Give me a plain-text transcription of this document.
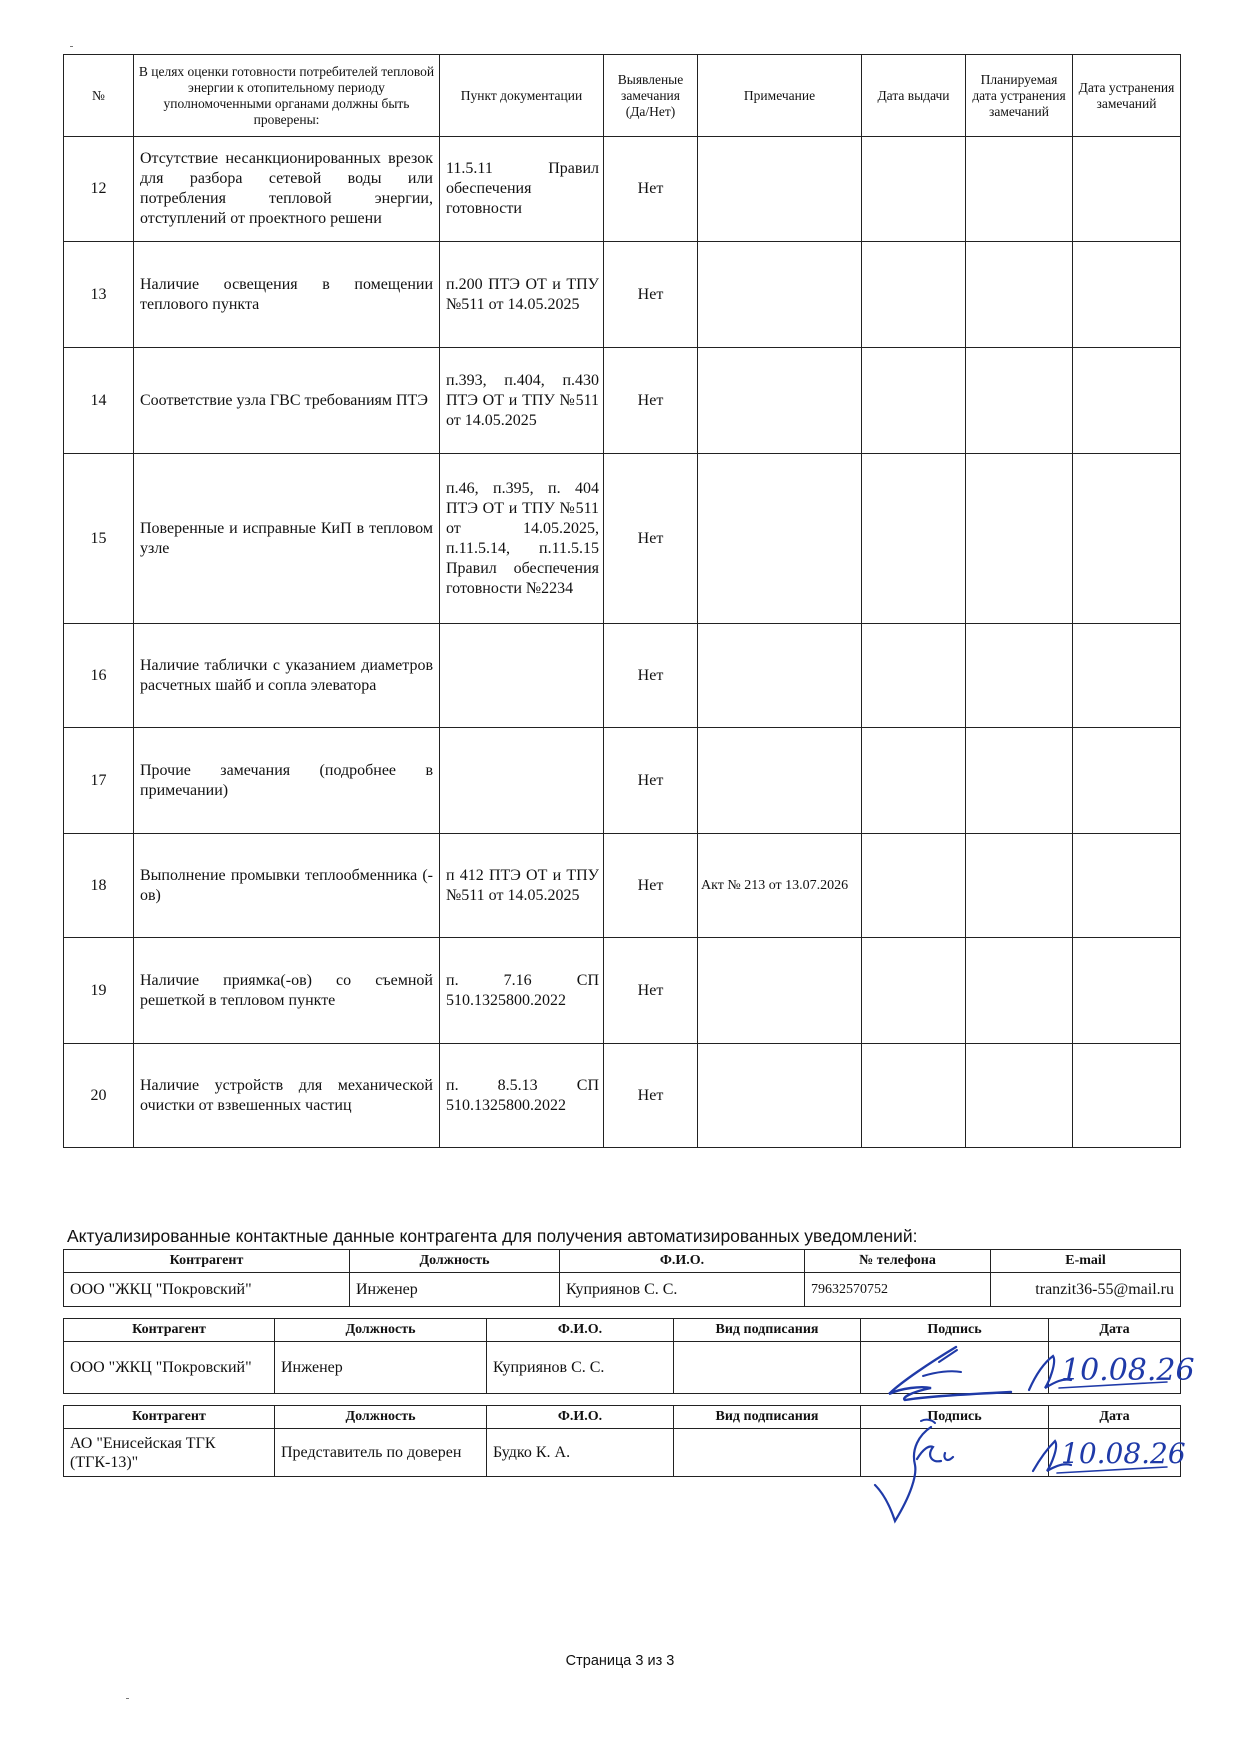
№	В целях оценки готовности потребителей тепловой энергии к отопительному периоду уполномоченными органами должны быть проверены:	Пункт документации	Выявленые замечания (Да/Нет)	Примечание	Дата выдачи	Планируемая дата устранения замечаний	Дата устранения замечаний
12	Отсутствие несанкционированных врезок для разбора сетевой воды или потребления тепловой энергии, отступлений от проектного решени	11.5.11 Правил обеспечения готовности	Нет				
13	Наличие освещения в помещении теплового пункта	п.200 ПТЭ ОТ и ТПУ №511 от 14.05.2025	Нет				
14	Соответствие узла ГВС требованиям ПТЭ	п.393, п.404, п.430 ПТЭ ОТ и ТПУ №511 от 14.05.2025	Нет				
15	Поверенные и исправные КиП в тепловом узле	п.46, п.395, п. 404 ПТЭ ОТ и ТПУ №511 от 14.05.2025, п.11.5.14, п.11.5.15 Правил обеспечения готовности №2234	Нет				
16	Наличие таблички с указанием диаметров расчетных шайб и сопла элеватора		Нет				
17	Прочие замечания (подробнее в примечании)		Нет				
18	Выполнение промывки теплообменника (-ов)	п 412 ПТЭ ОТ и ТПУ №511 от 14.05.2025	Нет	Акт № 213 от 13.07.2026			
19	Наличие приямка(-ов) со съемной решеткой в тепловом пункте	п. 7.16 СП 510.1325800.2022	Нет				
20	Наличие устройств для механической очистки от взвешенных частиц	п. 8.5.13 СП 510.1325800.2022	Нет				
Актуализированные контактные данные контрагента для получения автоматизированных уведомлений:
Контрагент	Должность	Ф.И.О.	№ телефона	E-mail
ООО "ЖКЦ "Покровский"	Инженер	Куприянов С. С.	79632570752	tranzit36-55@mail.ru
Контрагент	Должность	Ф.И.О.	Вид подписания	Подпись	Дата
ООО "ЖКЦ "Покровский"	Инженер	Куприянов С. С.			10.08.26
Контрагент	Должность	Ф.И.О.	Вид подписания	Подпись	Дата
АО "Енисейская ТГК (ТГК-13)"	Представитель по доверен	Будко К. А.			10.08.26
Страница 3 из 3
